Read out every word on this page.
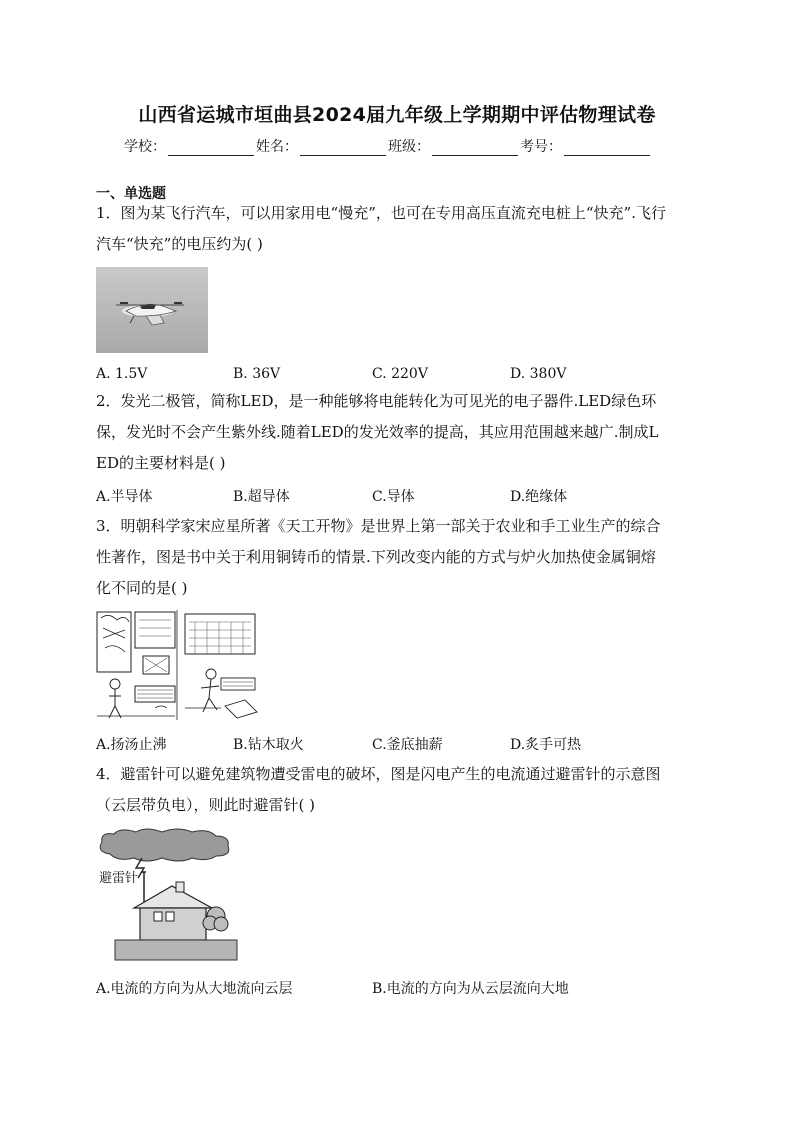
山西省运城市垣曲县2024届九年级上学期期中评估物理试卷
学校：	姓名：	班级：	考号：
一、单选题
1．图为某飞行汽车，可以用家用电“慢充”，也可在专用高压直流充电桩上“快充”.飞行
汽车“快充”的电压约为( )
A. 1.5V	B. 36V	C. 220V	D. 380V
2．发光二极管，简称LED，是一种能够将电能转化为可见光的电子器件.LED绿色环
保，发光时不会产生紫外线.随着LED的发光效率的提高，其应用范围越来越广.制成L
ED的主要材料是( )
A.半导体	B.超导体	C.导体	D.绝缘体
3．明朝科学家宋应星所著《天工开物》是世界上第一部关于农业和手工业生产的综合
性著作，图是书中关于利用铜铸币的情景.下列改变内能的方式与炉火加热使金属铜熔
化不同的是( )
A.扬汤止沸	B.钻木取火	C.釜底抽薪	D.炙手可热
4．避雷针可以避免建筑物遭受雷电的破坏，图是闪电产生的电流通过避雷针的示意图
（云层带负电），则此时避雷针( )
避雷针
A.电流的方向为从大地流向云层	B.电流的方向为从云层流向大地
